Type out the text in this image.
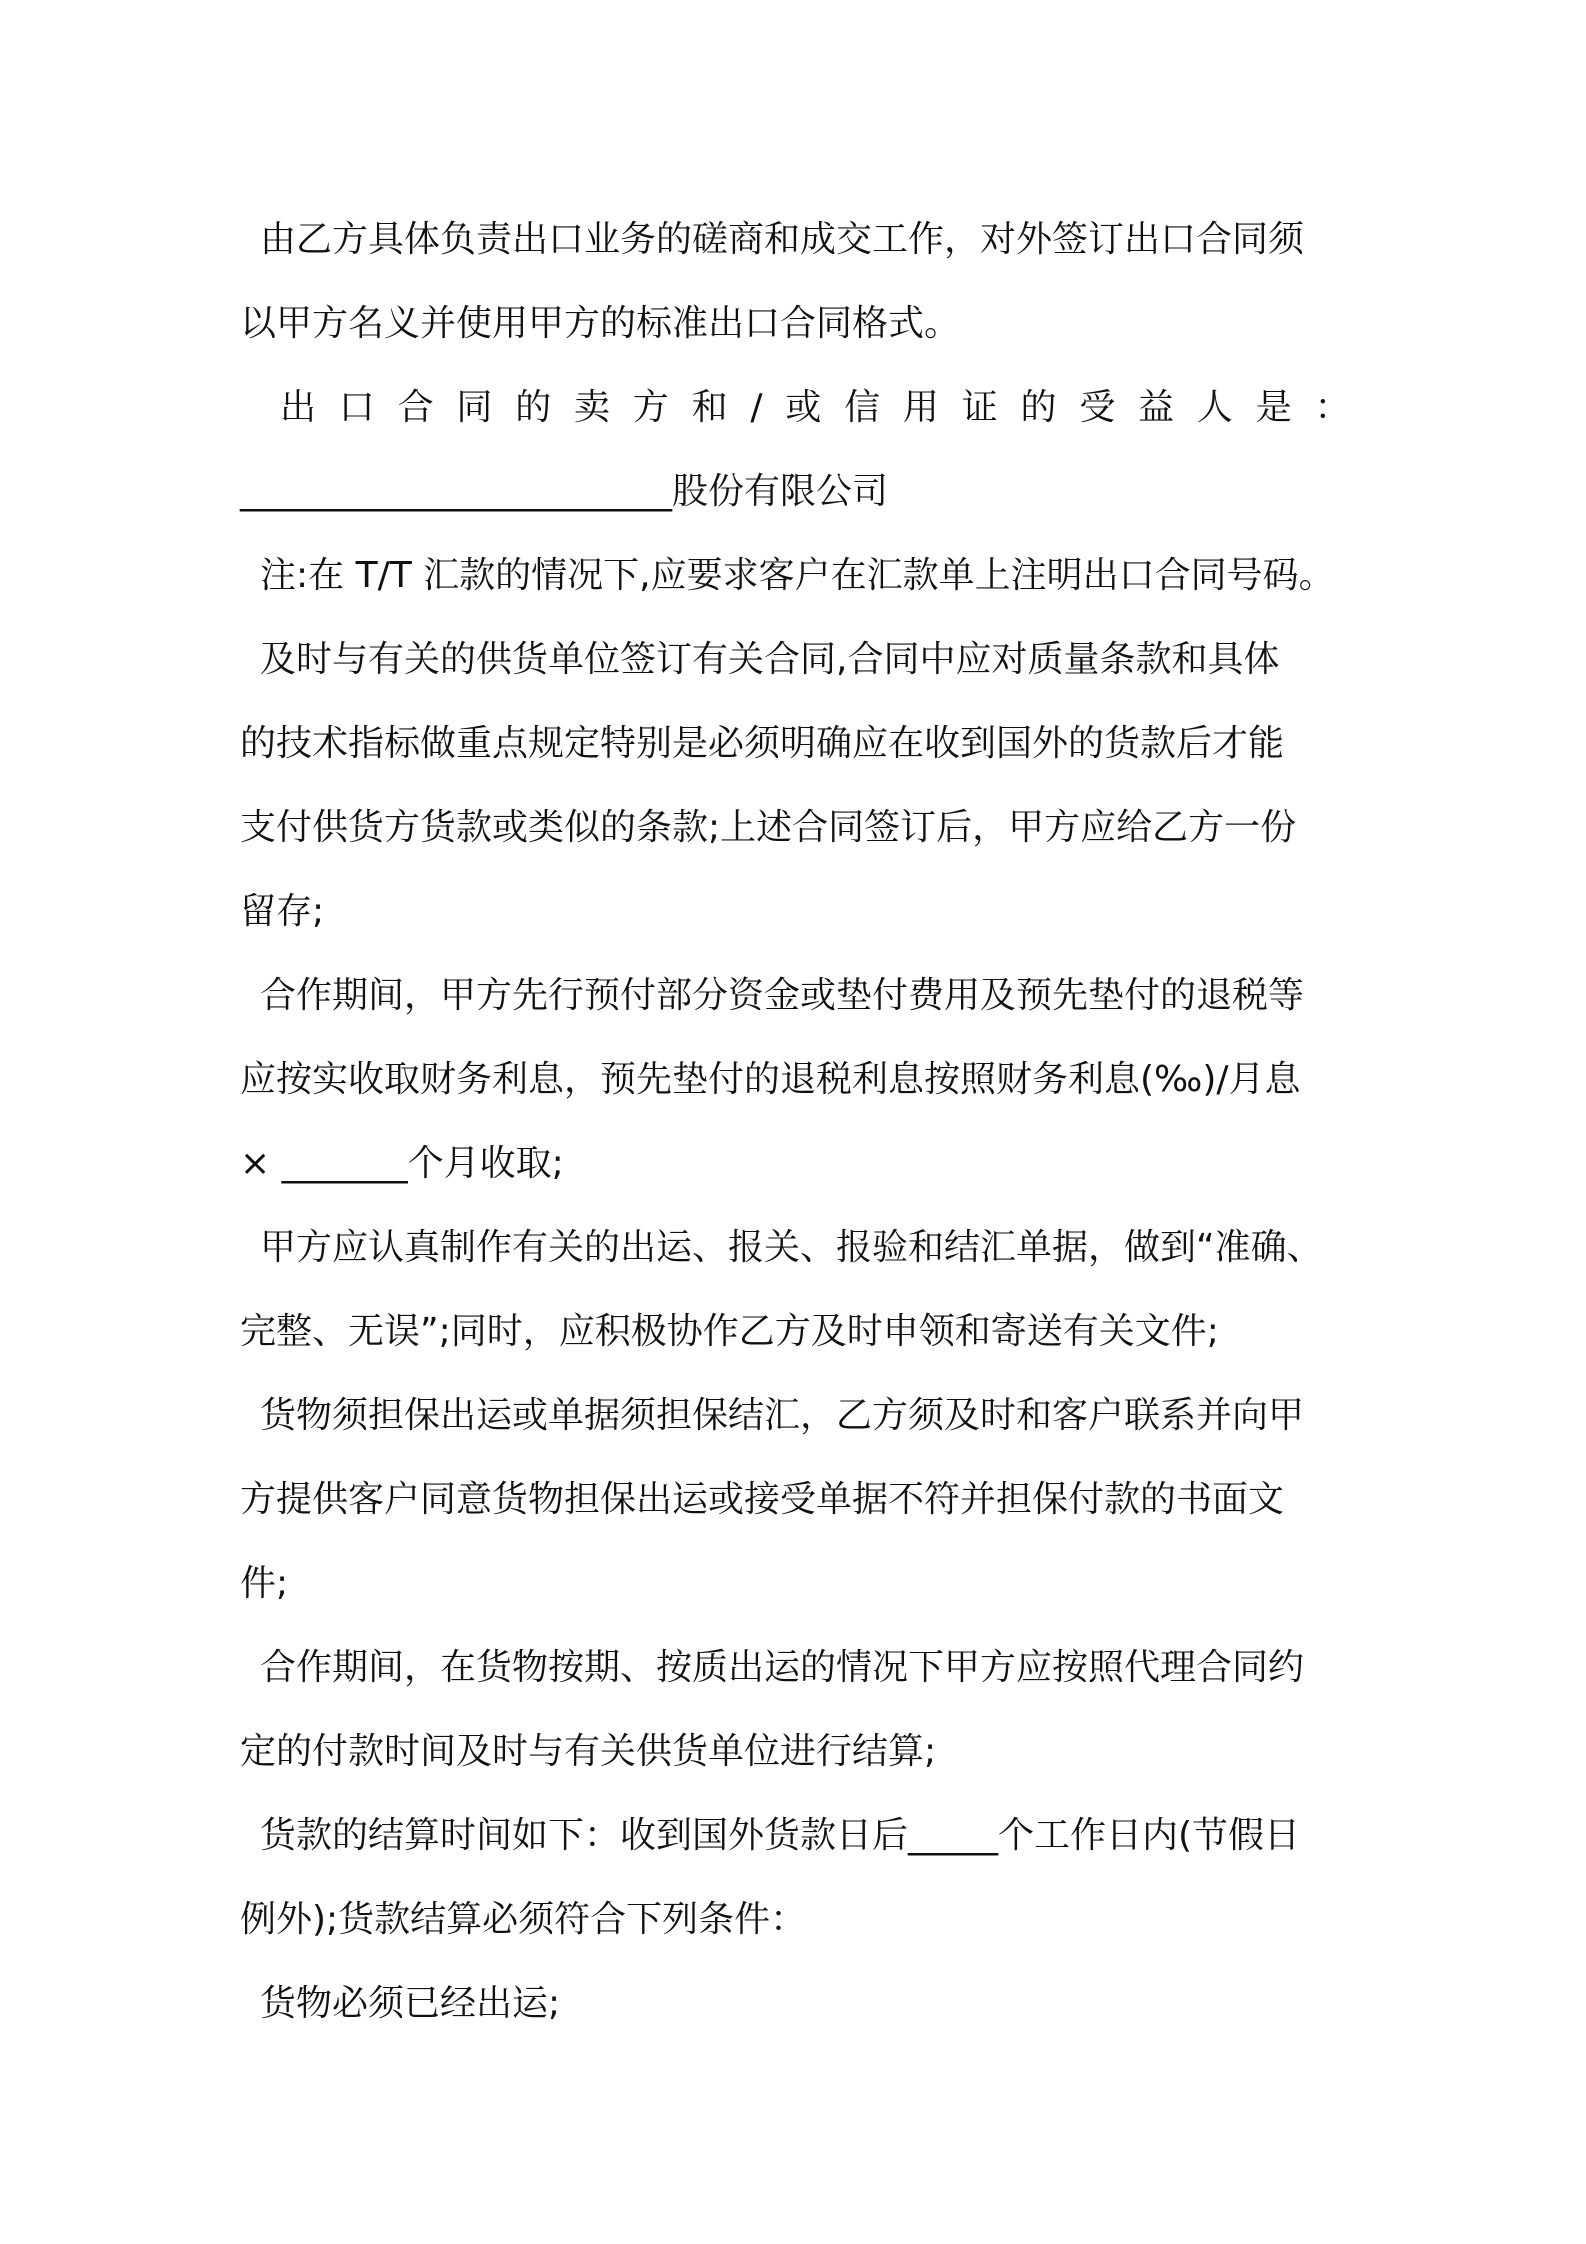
由乙方具体负责出口业务的磋商和成交工作，对外签订出口合同须
以甲方名义并使用甲方的标准出口合同格式。
出口合同的卖方和/或信用证的受益人是：
________________________股份有限公司
注:在 T/T 汇款的情况下,应要求客户在汇款单上注明出口合同号码。
及时与有关的供货单位签订有关合同,合同中应对质量条款和具体
的技术指标做重点规定特别是必须明确应在收到国外的货款后才能
支付供货方货款或类似的条款;上述合同签订后，甲方应给乙方一份
留存;
合作期间，甲方先行预付部分资金或垫付费用及预先垫付的退税等
应按实收取财务利息，预先垫付的退税利息按照财务利息(‰)/月息
× _______个月收取;
甲方应认真制作有关的出运、报关、报验和结汇单据，做到“准确、
完整、无误”;同时，应积极协作乙方及时申领和寄送有关文件;
货物须担保出运或单据须担保结汇，乙方须及时和客户联系并向甲
方提供客户同意货物担保出运或接受单据不符并担保付款的书面文
件;
合作期间，在货物按期、按质出运的情况下甲方应按照代理合同约
定的付款时间及时与有关供货单位进行结算;
货款的结算时间如下：收到国外货款日后_____个工作日内(节假日
例外);货款结算必须符合下列条件：
货物必须已经出运;
